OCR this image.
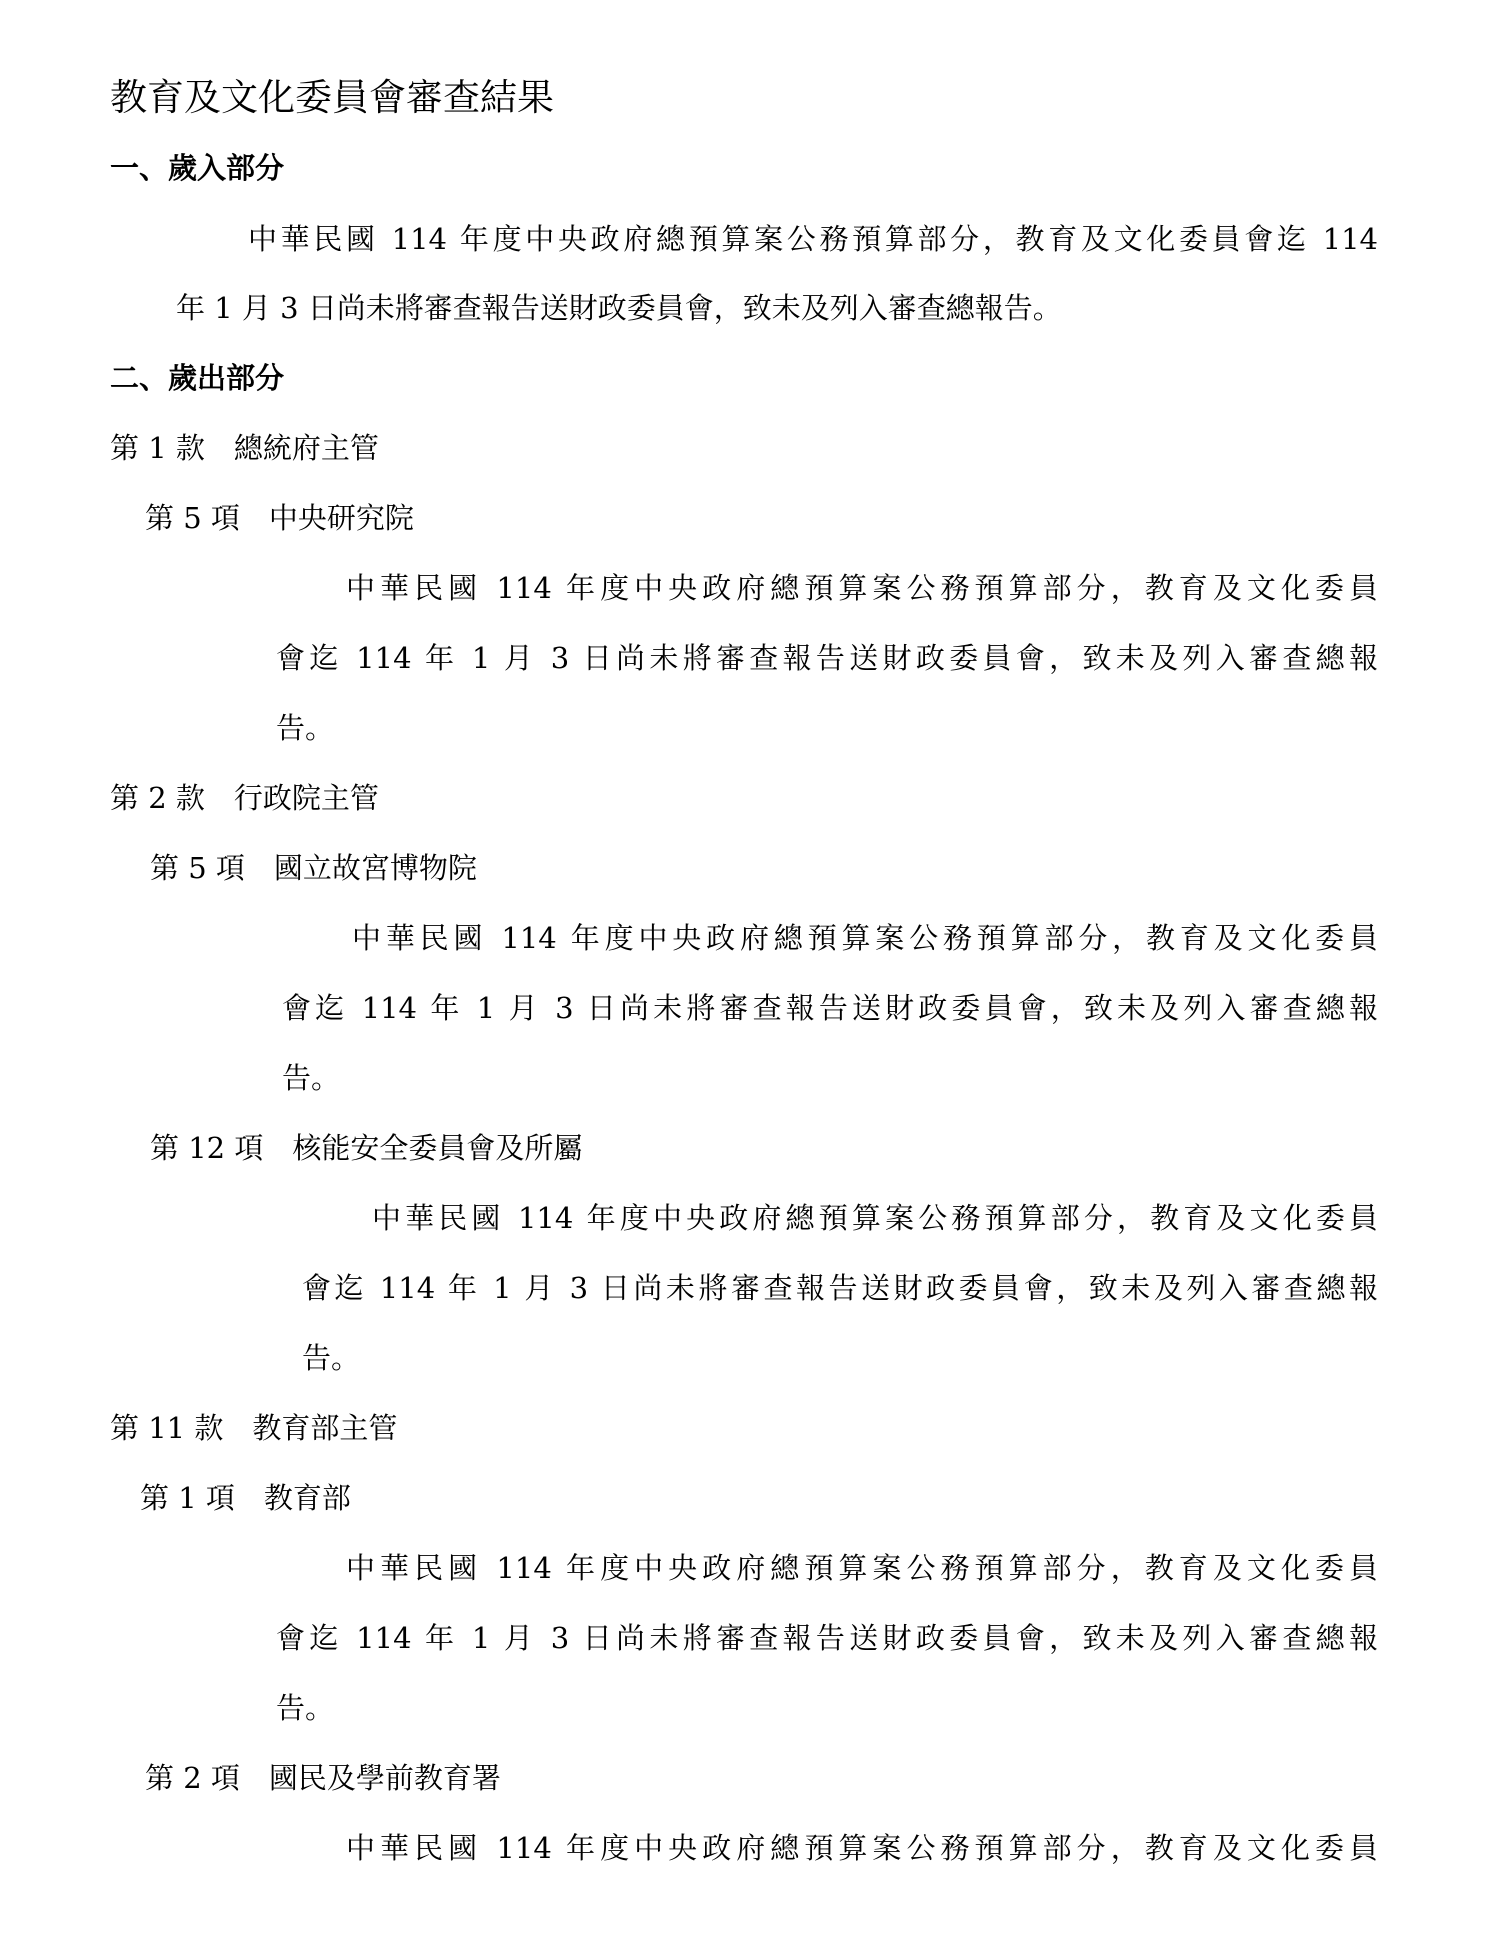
教育及文化委員會審查結果
一、歲入部分
中華民國 114 年度中央政府總預算案公務預算部分，教育及文化委員會迄 114
年 1 月 3 日尚未將審查報告送財政委員會，致未及列入審查總報告。
二、歲出部分
第 1 款　總統府主管
第 5 項　中央研究院
中華民國 114 年度中央政府總預算案公務預算部分，教育及文化委員
會迄 114 年 1 月 3 日尚未將審查報告送財政委員會，致未及列入審查總報
告。
第 2 款　行政院主管
第 5 項　國立故宮博物院
中華民國 114 年度中央政府總預算案公務預算部分，教育及文化委員
會迄 114 年 1 月 3 日尚未將審查報告送財政委員會，致未及列入審查總報
告。
第 12 項　核能安全委員會及所屬
中華民國 114 年度中央政府總預算案公務預算部分，教育及文化委員
會迄 114 年 1 月 3 日尚未將審查報告送財政委員會，致未及列入審查總報
告。
第 11 款　教育部主管
第 1 項　教育部
中華民國 114 年度中央政府總預算案公務預算部分，教育及文化委員
會迄 114 年 1 月 3 日尚未將審查報告送財政委員會，致未及列入審查總報
告。
第 2 項　國民及學前教育署
中華民國 114 年度中央政府總預算案公務預算部分，教育及文化委員
